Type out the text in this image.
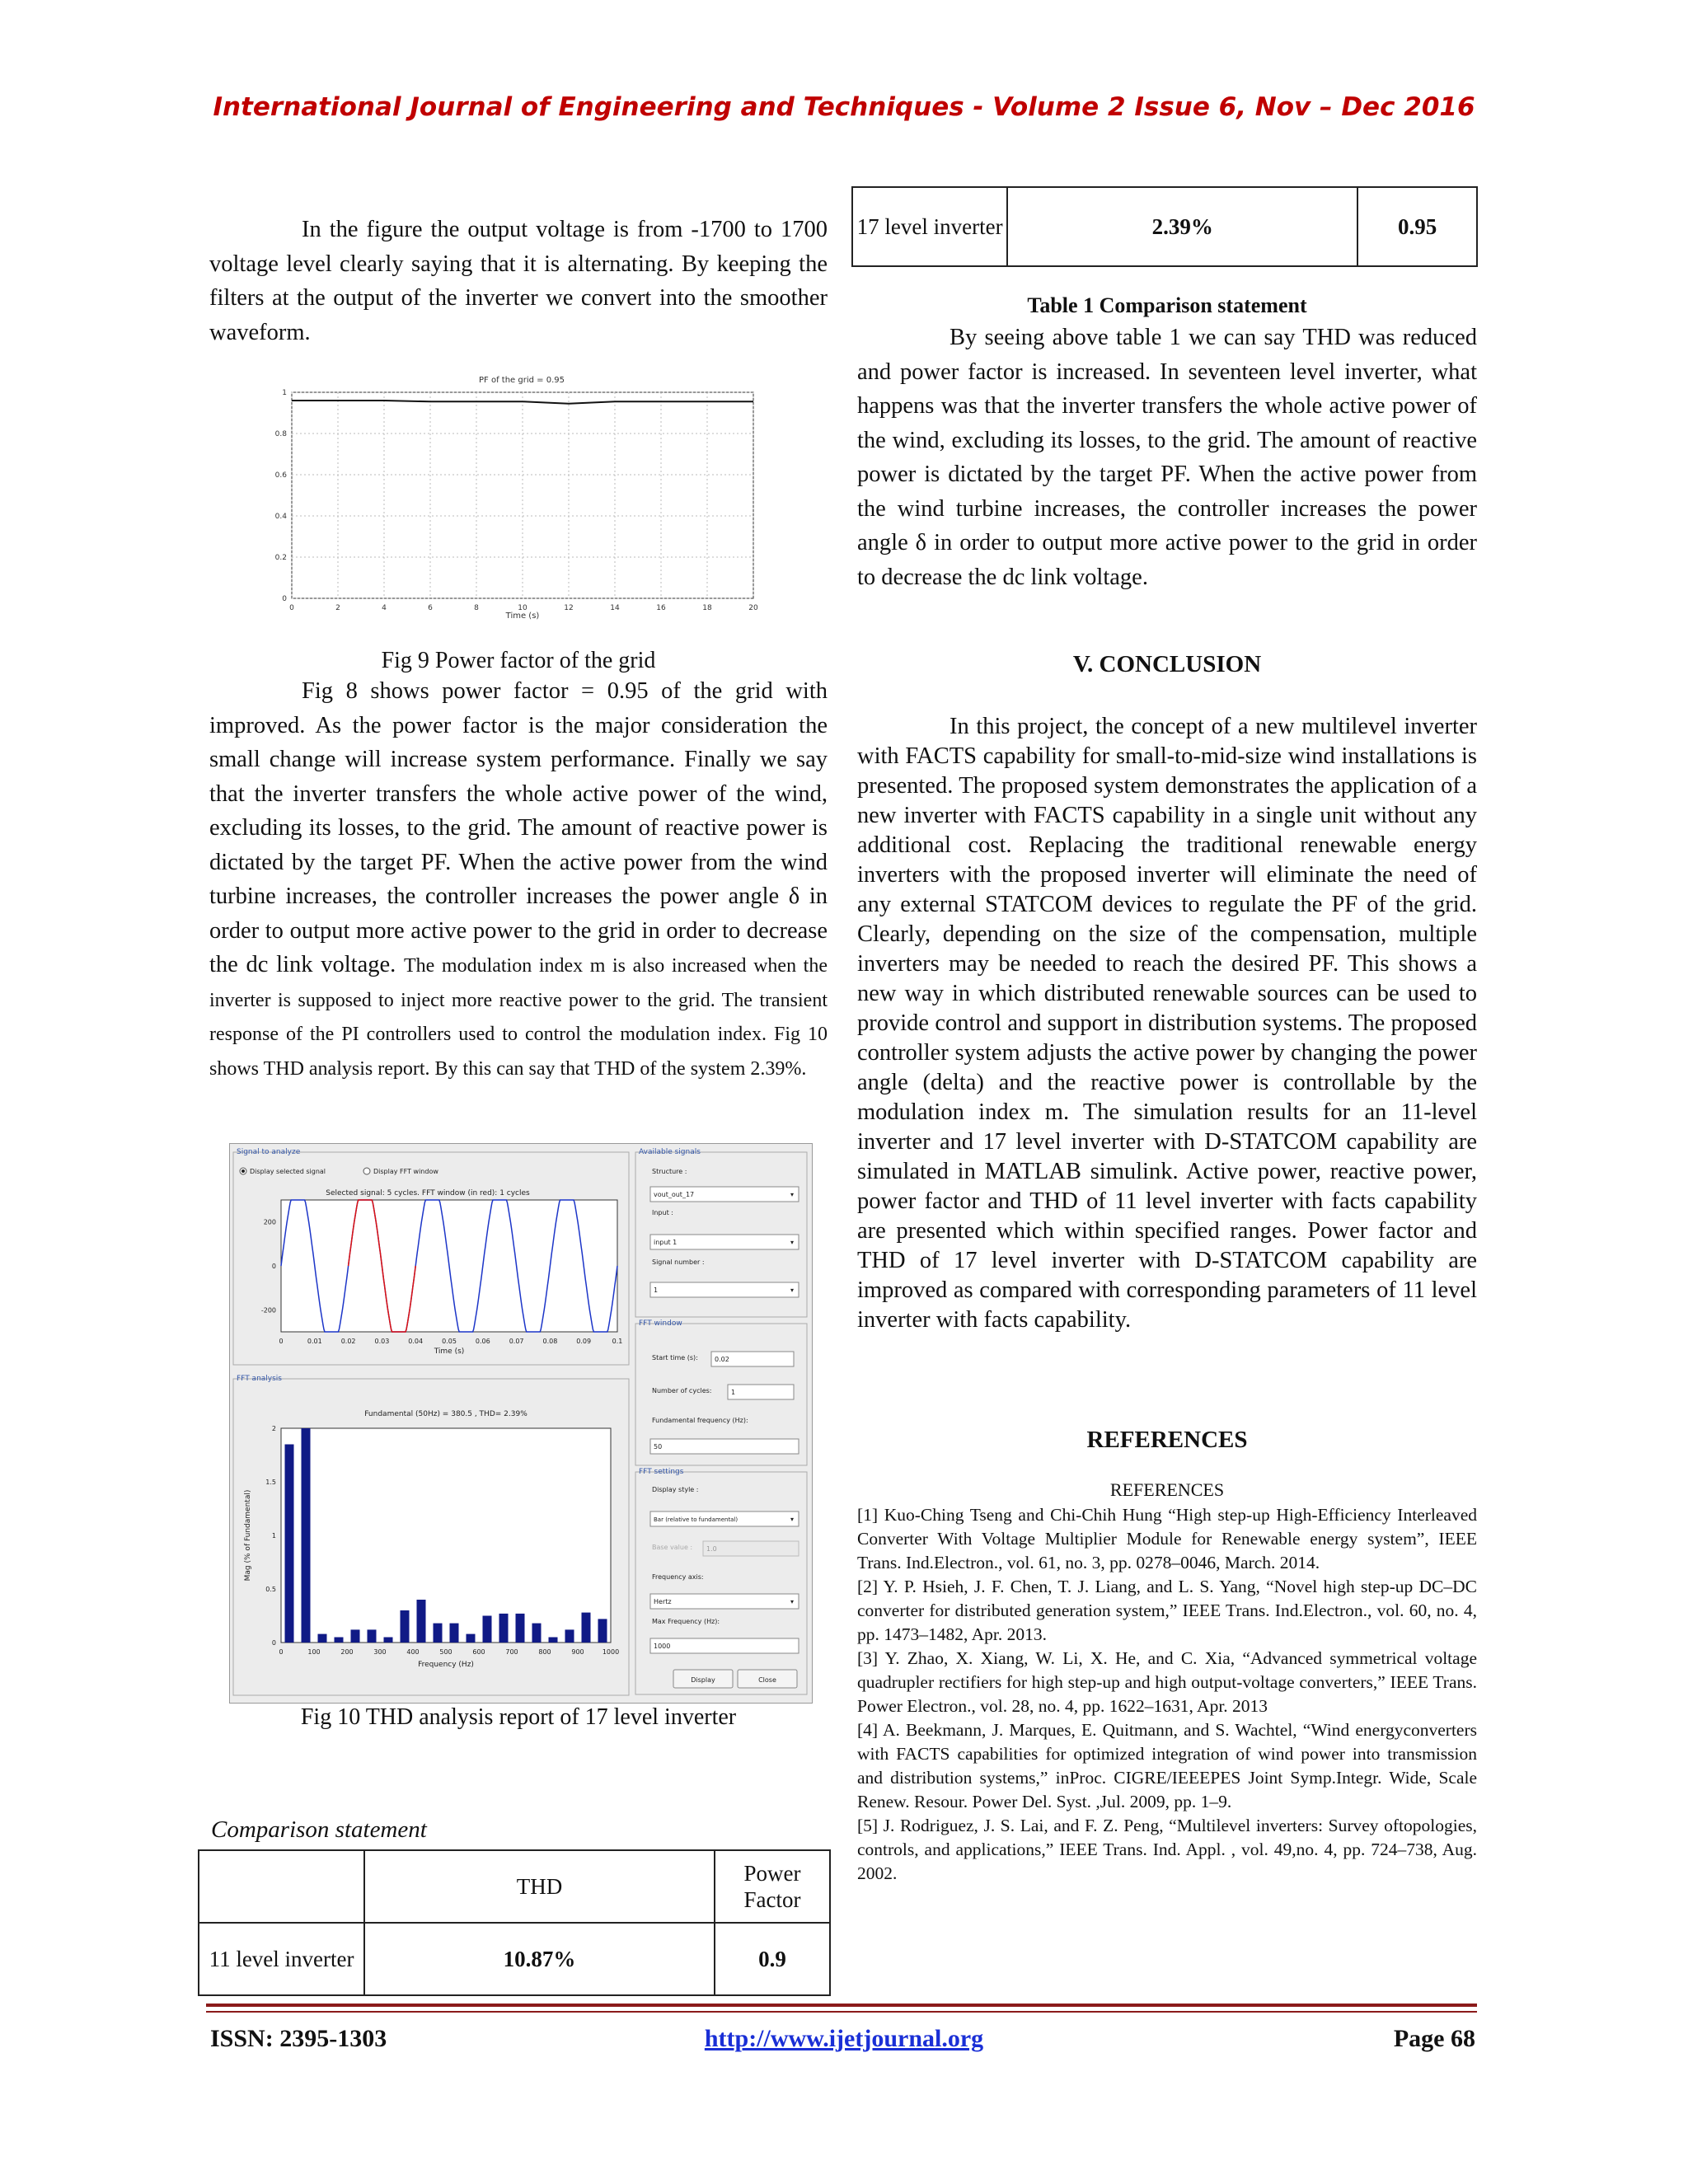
International Journal of Engineering and Techniques - Volume 2 Issue 6, Nov – Dec 2016

In the figure the output voltage is from -1700 to 1700 voltage level clearly saying that it is alternating. By keeping the filters at the output of the inverter we convert into the smoother waveform.

PF of the grid = 0.95
0
0.2
0.4
0.6
0.8
1
0	2	4	6	8	10	12	14	16	18	20
Time (s)
Fig 9 Power factor of the grid

Fig 8 shows power factor = 0.95 of the grid with improved. As the power factor is the major consideration the small change will increase system performance. Finally we say that the inverter transfers the whole active power of the wind, excluding its losses, to the grid. The amount of reactive power is dictated by the target PF. When the active power from the wind turbine increases, the controller increases the power angle δ in order to output more active power to the grid in order to decrease the dc link voltage. The modulation index m is also increased when the inverter is supposed to inject more reactive power to the grid. The transient response of the PI controllers used to control the modulation index. Fig 10 shows THD analysis report. By this can say that THD of the system 2.39%.

Signal to analyze
Display selected signal	Display FFT window
Selected signal: 5 cycles. FFT window (in red): 1 cycles
200
0
-200
0	0.01	0.02	0.03	0.04	0.05	0.06	0.07	0.08	0.09	0.1
Time (s)
FFT analysis
Fundamental (50Hz) = 380.5 , THD= 2.39%
0
0.5
1
1.5
2
0	100	200	300	400	500	600	700	800	900	1000
Mag (% of Fundamental)
Frequency (Hz)
Available signals
Structure :
vout_out_17	▾
Input :
input 1	▾
Signal number :
1	▾
FFT window
Start time (s):	0.02
Number of cycles:	1
Fundamental frequency (Hz):
50
FFT settings
Display style :
Bar (relative to fundamental)	▾
Base value : 1.0
Frequency axis:
Hertz	▾
Max Frequency (Hz):
1000
Display	Close
Fig 10 THD analysis report of 17 level inverter
Comparison statement
	THD	Power Factor
11 level inverter	10.87%	0.9
17 level inverter	2.39%	0.95
Table 1 Comparison statement

By seeing above table 1 we can say THD was reduced and power factor is increased. In seventeen level inverter, what happens was that the inverter transfers the whole active power of the wind, excluding its losses, to the grid. The amount of reactive power is dictated by the target PF. When the active power from the wind turbine increases, the controller increases the power angle δ in order to output more active power to the grid in order to decrease the dc link voltage.

V. CONCLUSION

In this project, the concept of a new multilevel inverter with FACTS capability for small-to-mid-size wind installations is presented. The proposed system demonstrates the application of a new inverter with FACTS capability in a single unit without any additional cost. Replacing the traditional renewable energy inverters with the proposed inverter will eliminate the need of any external STATCOM devices to regulate the PF of the grid. Clearly, depending on the size of the compensation, multiple inverters may be needed to reach the desired PF. This shows a new way in which distributed renewable sources can be used to provide control and support in distribution systems. The proposed controller system adjusts the active power by changing the power angle (delta) and the reactive power is controllable by the modulation index m. The simulation results for an 11-level inverter and 17 level inverter with D-STATCOM capability are simulated in MATLAB simulink. Active power, reactive power, power factor and THD of 11 level inverter with facts capability are presented which within specified ranges. Power factor and THD of 17 level inverter with D-STATCOM capability are improved as compared with corresponding parameters of 11 level inverter with facts capability.

REFERENCES
REFERENCES

[1] Kuo-Ching Tseng and Chi-Chih Hung “High step-up High-Efficiency Interleaved Converter With Voltage Multiplier Module for Renewable energy system”, IEEE Trans. Ind.Electron., vol. 61, no. 3, pp. 0278–0046, March. 2014.

[2] Y. P. Hsieh, J. F. Chen, T. J. Liang, and L. S. Yang, “Novel high step-up DC–DC converter for distributed generation system,” IEEE Trans. Ind.Electron., vol. 60, no. 4, pp. 1473–1482, Apr. 2013.

[3] Y. Zhao, X. Xiang, W. Li, X. He, and C. Xia, “Advanced symmetrical voltage quadrupler rectifiers for high step-up and high output-voltage converters,” IEEE Trans. Power Electron., vol. 28, no. 4, pp. 1622–1631, Apr. 2013

[4] A. Beekmann, J. Marques, E. Quitmann, and S. Wachtel, “Wind energyconverters with FACTS capabilities for optimized integration of wind power into transmission and distribution systems,” inProc. CIGRE/IEEEPES Joint Symp.Integr. Wide, Scale Renew. Resour. Power Del. Syst. ,Jul. 2009, pp. 1–9.

[5] J. Rodriguez, J. S. Lai, and F. Z. Peng, “Multilevel inverters: Survey oftopologies, controls, and applications,” IEEE Trans. Ind. Appl. , vol. 49,no. 4, pp. 724–738, Aug. 2002.

ISSN: 2395-1303	http://www.ijetjournal.org	Page 68
